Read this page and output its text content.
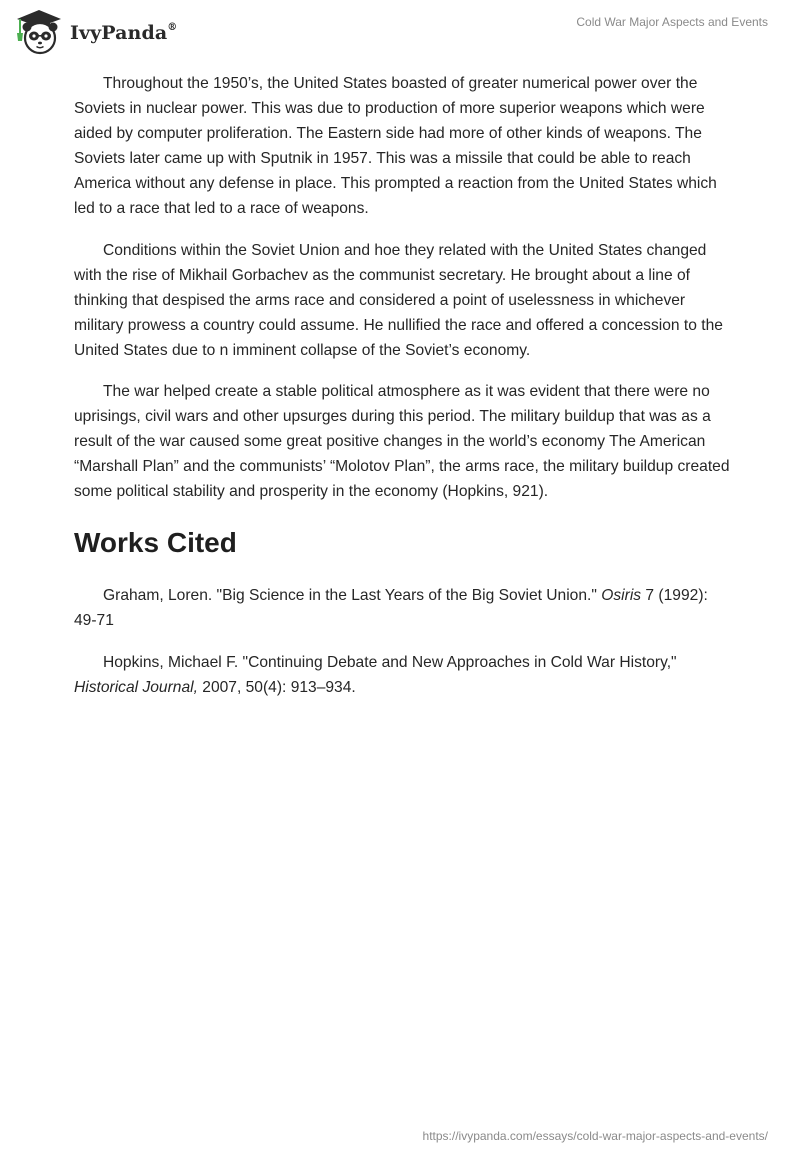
IvyPanda®	Cold War Major Aspects and Events

Throughout the 1950’s, the United States boasted of greater numerical power over the Soviets in nuclear power. This was due to production of more superior weapons which were aided by computer proliferation. The Eastern side had more of other kinds of weapons. The Soviets later came up with Sputnik in 1957. This was a missile that could be able to reach America without any defense in place. This prompted a reaction from the United States which led to a race that led to a race of weapons.

Conditions within the Soviet Union and hoe they related with the United States changed with the rise of Mikhail Gorbachev as the communist secretary. He brought about a line of thinking that despised the arms race and considered a point of uselessness in whichever military prowess a country could assume. He nullified the race and offered a concession to the United States due to n imminent collapse of the Soviet’s economy.

The war helped create a stable political atmosphere as it was evident that there were no uprisings, civil wars and other upsurges during this period. The military buildup that was as a result of the war caused some great positive changes in the world’s economy The American “Marshall Plan” and the communists’ “Molotov Plan”, the arms race, the military buildup created some political stability and prosperity in the economy (Hopkins, 921).

Works Cited

Graham, Loren. "Big Science in the Last Years of the Big Soviet Union." Osiris 7 (1992): 49-71

Hopkins, Michael F. "Continuing Debate and New Approaches in Cold War History," Historical Journal, 2007, 50(4): 913–934.

https://ivypanda.com/essays/cold-war-major-aspects-and-events/
